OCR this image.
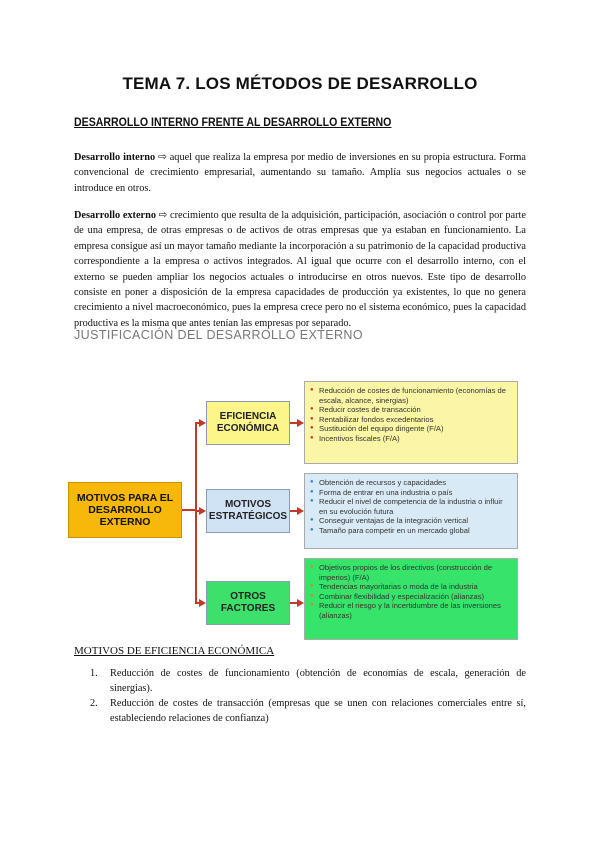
TEMA 7. LOS MÉTODOS DE DESARROLLO
DESARROLLO INTERNO FRENTE AL DESARROLLO EXTERNO
Desarrollo interno ⇨ aquel que realiza la empresa por medio de inversiones en su propia estructura. Forma convencional de crecimiento empresarial, aumentando su tamaño. Amplía sus negocios actuales o se introduce en otros.
Desarrollo externo ⇨ crecimiento que resulta de la adquisición, participación, asociación o control por parte de una empresa, de otras empresas o de activos de otras empresas que ya estaban en funcionamiento. La empresa consigue así un mayor tamaño mediante la incorporación a su patrimonio de la capacidad productiva correspondiente a la empresa o activos integrados. Al igual que ocurre con el desarrollo interno, con el externo se pueden ampliar los negocios actuales o introducirse en otros nuevos. Este tipo de desarrollo consiste en poner a disposición de la empresa capacidades de producción ya existentes, lo que no genera crecimiento a nivel macroeconómico, pues la empresa crece pero no el sistema económico, pues la capacidad productiva es la misma que antes tenían las empresas por separado.
JUSTIFICACIÓN DEL DESARROLLO EXTERNO
MOTIVOS PARA EL DESARROLLO EXTERNO
EFICIENCIA ECONÓMICA
MOTIVOS ESTRATÉGICOS
OTROS FACTORES
● Reducción de costes de funcionamiento (economías de escala, alcance, sinergias)
● Reducir costes de transacción
● Rentabilizar fondos excedentarios
● Sustitución del equipo dirigente (F/A)
● Incentivos fiscales (F/A)
● Obtención de recursos y capacidades
● Forma de entrar en una industria o país
● Reducir el nivel de competencia de la industria o influir en su evolución futura
● Conseguir ventajas de la integración vertical
● Tamaño para competir en un mercado global
● Objetivos propios de los directivos (construcción de imperios) (F/A)
● Tendencias mayoritarias o moda de la industria
● Combinar flexibilidad y especialización (alianzas)
● Reducir el riesgo y la incertidumbre de las inversiones (alianzas)
MOTIVOS DE EFICIENCIA ECONÓMICA
1. Reducción de costes de funcionamiento (obtención de economías de escala, generación de sinergias).
2. Reducción de costes de transacción (empresas que se unen con relaciones comerciales entre sí, estableciendo relaciones de confianza)
